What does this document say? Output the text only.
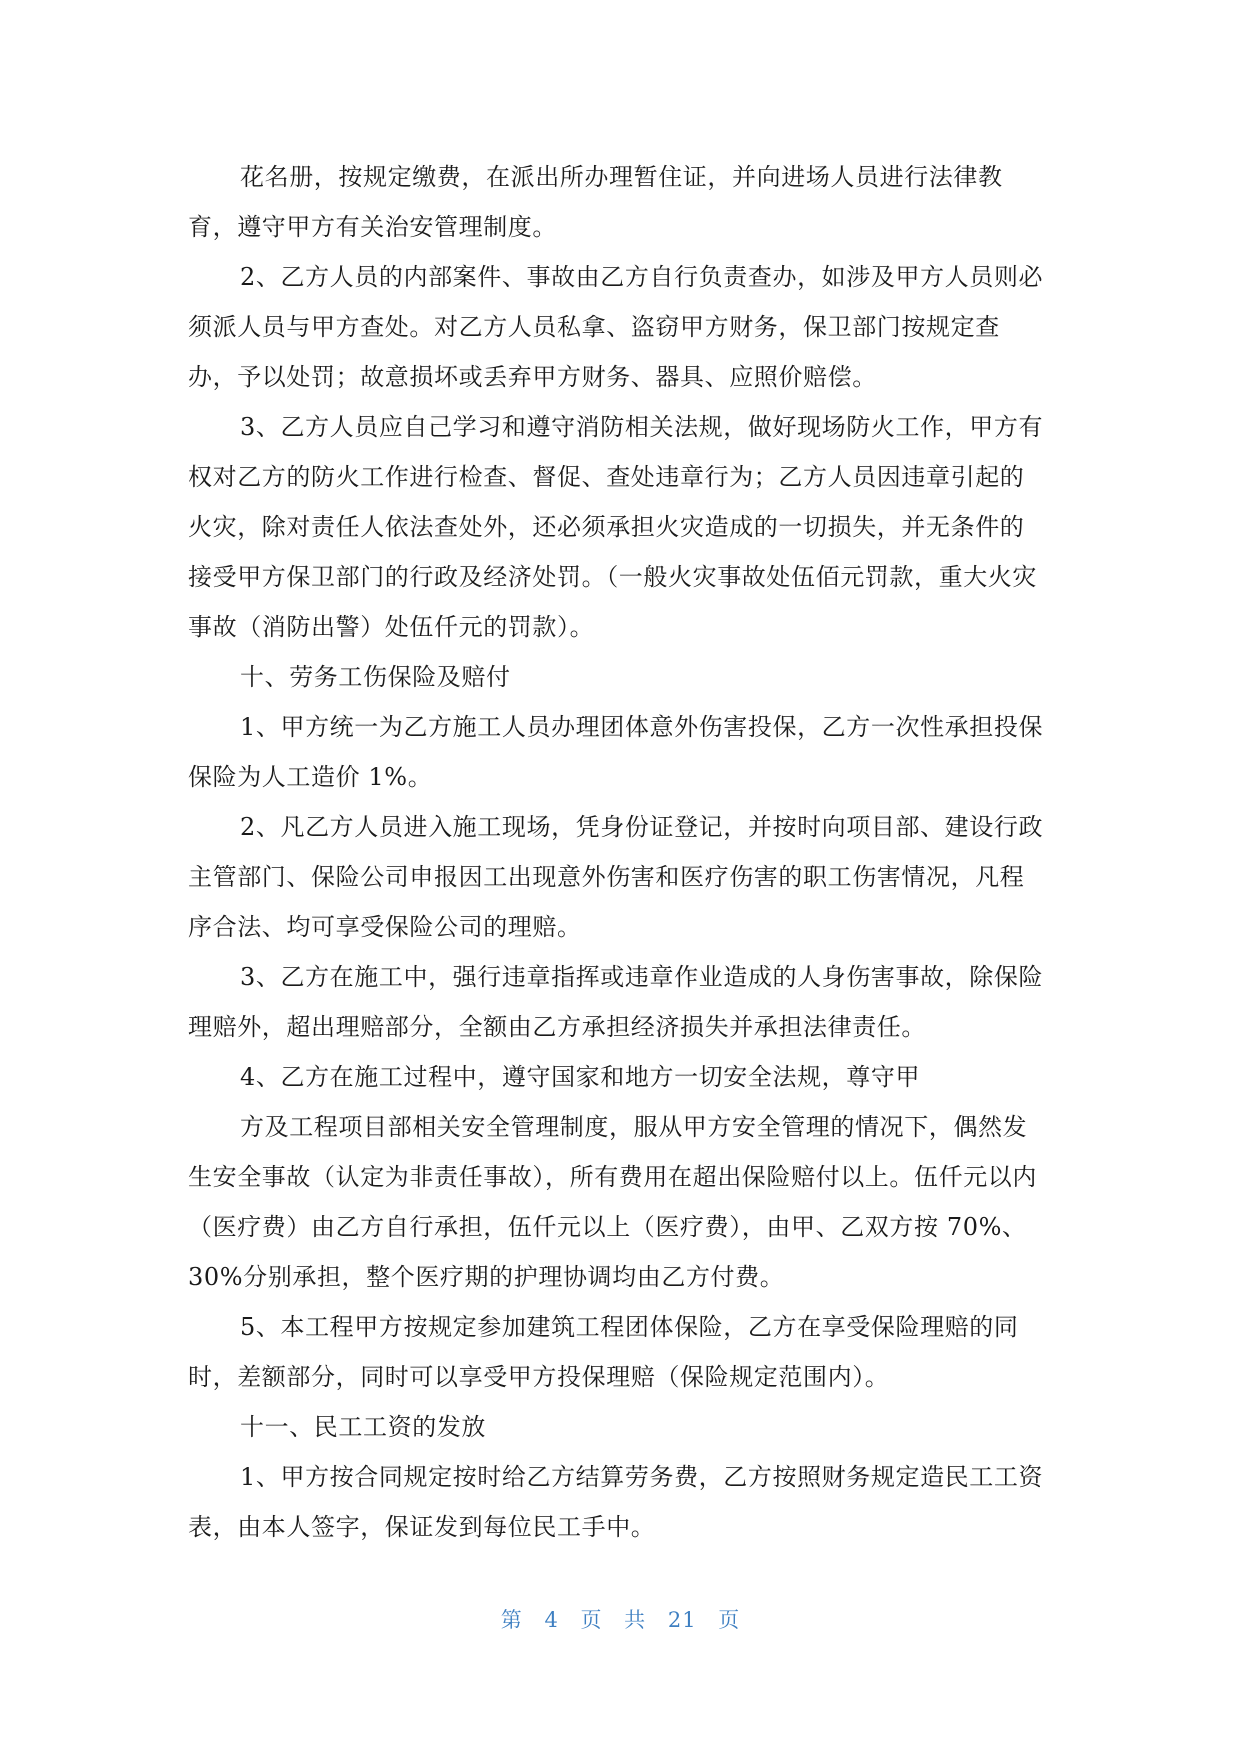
花名册，按规定缴费，在派出所办理暂住证，并向进场人员进行法律教
育，遵守甲方有关治安管理制度。
2、乙方人员的内部案件、事故由乙方自行负责查办，如涉及甲方人员则必
须派人员与甲方查处。对乙方人员私拿、盗窃甲方财务，保卫部门按规定查
办，予以处罚；故意损坏或丢弃甲方财务、器具、应照价赔偿。
3、乙方人员应自己学习和遵守消防相关法规，做好现场防火工作，甲方有
权对乙方的防火工作进行检查、督促、查处违章行为；乙方人员因违章引起的
火灾，除对责任人依法查处外，还必须承担火灾造成的一切损失，并无条件的
接受甲方保卫部门的行政及经济处罚。（一般火灾事故处伍佰元罚款，重大火灾
事故（消防出警）处伍仟元的罚款）。
十、劳务工伤保险及赔付
1、甲方统一为乙方施工人员办理团体意外伤害投保，乙方一次性承担投保
保险为人工造价 1%。
2、凡乙方人员进入施工现场，凭身份证登记，并按时向项目部、建设行政
主管部门、保险公司申报因工出现意外伤害和医疗伤害的职工伤害情况，凡程
序合法、均可享受保险公司的理赔。
3、乙方在施工中，强行违章指挥或违章作业造成的人身伤害事故，除保险
理赔外，超出理赔部分，全额由乙方承担经济损失并承担法律责任。
4、乙方在施工过程中，遵守国家和地方一切安全法规，尊守甲
方及工程项目部相关安全管理制度，服从甲方安全管理的情况下，偶然发
生安全事故（认定为非责任事故），所有费用在超出保险赔付以上。伍仟元以内
（医疗费）由乙方自行承担，伍仟元以上（医疗费），由甲、乙双方按 70%、
30%分别承担，整个医疗期的护理协调均由乙方付费。
5、本工程甲方按规定参加建筑工程团体保险，乙方在享受保险理赔的同
时，差额部分，同时可以享受甲方投保理赔（保险规定范围内）。
十一、民工工资的发放
1、甲方按合同规定按时给乙方结算劳务费，乙方按照财务规定造民工工资
表，由本人签字，保证发到每位民工手中。
第 4 页 共 21 页
